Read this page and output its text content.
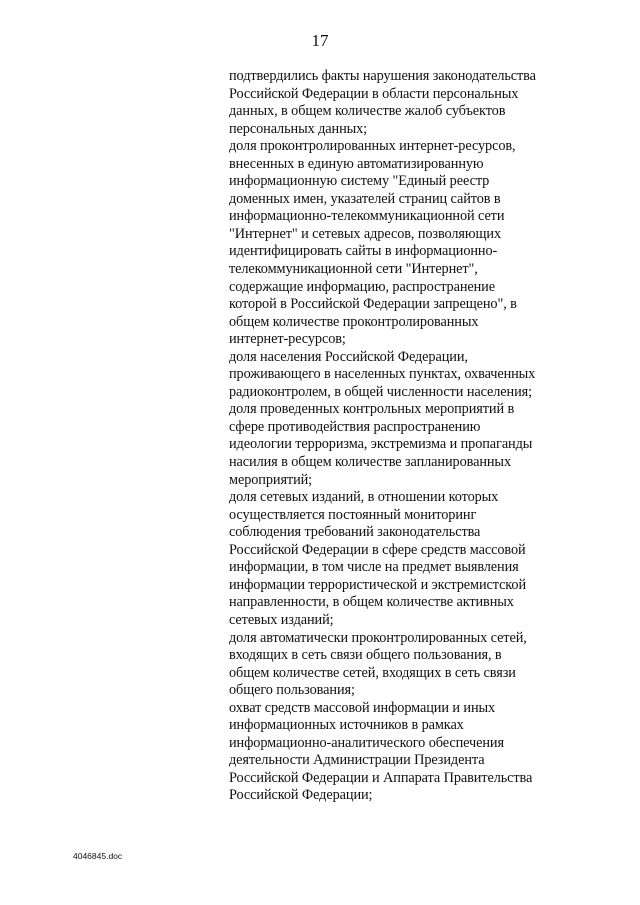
17
подтвердились факты нарушения законодательства
Российской Федерации в области персональных
данных, в общем количестве жалоб субъектов
персональных данных;
доля проконтролированных интернет-ресурсов,
внесенных в единую автоматизированную
информационную систему "Единый реестр
доменных имен, указателей страниц сайтов в
информационно-телекоммуникационной сети
"Интернет" и сетевых адресов, позволяющих
идентифицировать сайты в информационно-
телекоммуникационной сети "Интернет",
содержащие информацию, распространение
которой в Российской Федерации запрещено", в
общем количестве проконтролированных
интернет-ресурсов;
доля населения Российской Федерации,
проживающего в населенных пунктах, охваченных
радиоконтролем, в общей численности населения;
доля проведенных контрольных мероприятий в
сфере противодействия распространению
идеологии терроризма, экстремизма и пропаганды
насилия в общем количестве запланированных
мероприятий;
доля сетевых изданий, в отношении которых
осуществляется постоянный мониторинг
соблюдения требований законодательства
Российской Федерации в сфере средств массовой
информации, в том числе на предмет выявления
информации террористической и экстремистской
направленности, в общем количестве активных
сетевых изданий;
доля автоматически проконтролированных сетей,
входящих в сеть связи общего пользования, в
общем количестве сетей, входящих в сеть связи
общего пользования;
охват средств массовой информации и иных
информационных источников в рамках
информационно-аналитического обеспечения
деятельности Администрации Президента
Российской Федерации и Аппарата Правительства
Российской Федерации;
4046845.doc
